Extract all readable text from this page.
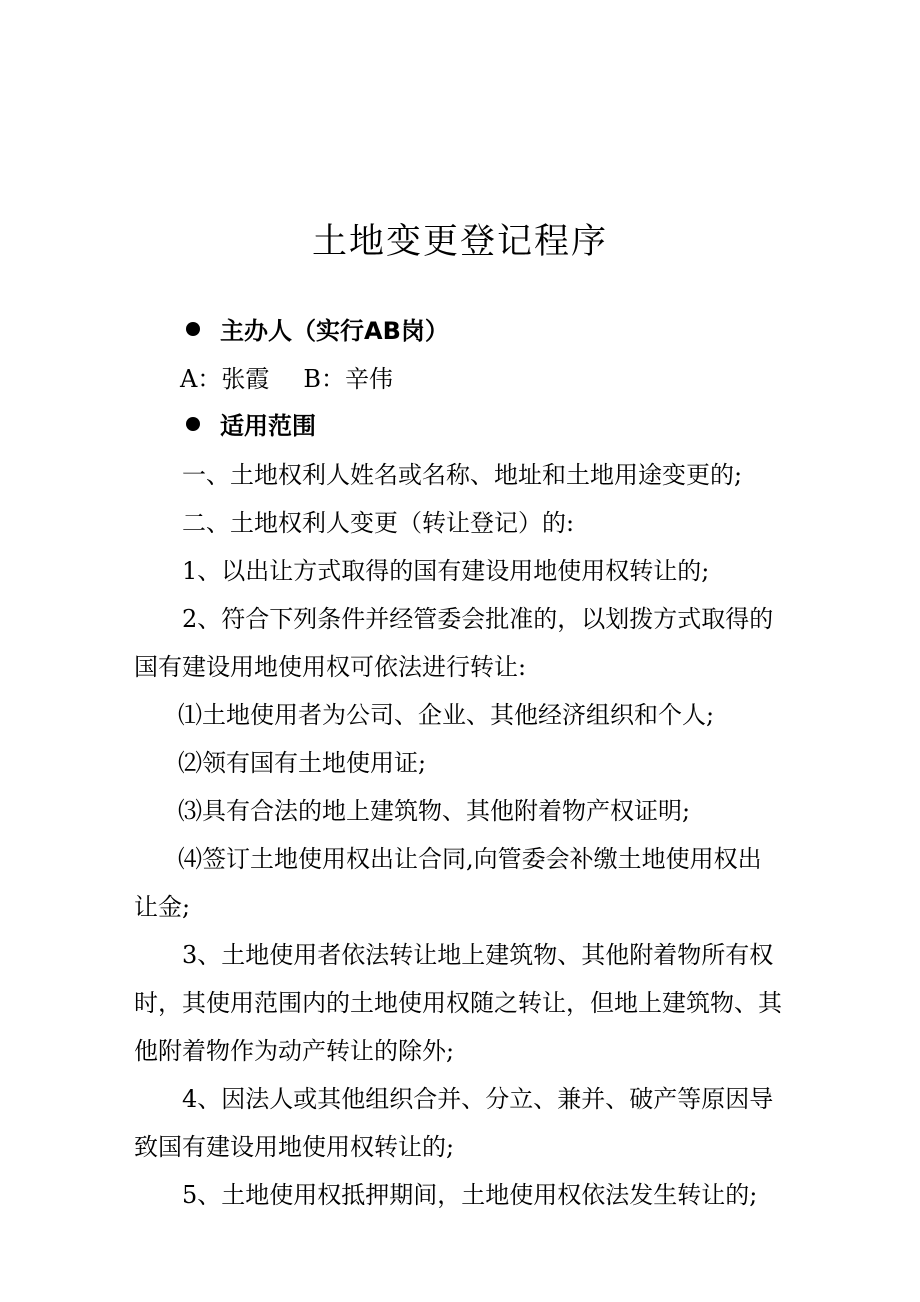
土地变更登记程序
主办人（实行AB岗）
A：张霞 B：辛伟
适用范围
一、土地权利人姓名或名称、地址和土地用途变更的;
二、土地权利人变更（转让登记）的:
1、以出让方式取得的国有建设用地使用权转让的;
2、符合下列条件并经管委会批准的，以划拨方式取得的
国有建设用地使用权可依法进行转让:
⑴土地使用者为公司、企业、其他经济组织和个人;
⑵领有国有土地使用证;
⑶具有合法的地上建筑物、其他附着物产权证明;
⑷签订土地使用权出让合同,向管委会补缴土地使用权出
让金;
3、土地使用者依法转让地上建筑物、其他附着物所有权
时，其使用范围内的土地使用权随之转让，但地上建筑物、其
他附着物作为动产转让的除外;
4、因法人或其他组织合并、分立、兼并、破产等原因导
致国有建设用地使用权转让的;
5、土地使用权抵押期间，土地使用权依法发生转让的;
